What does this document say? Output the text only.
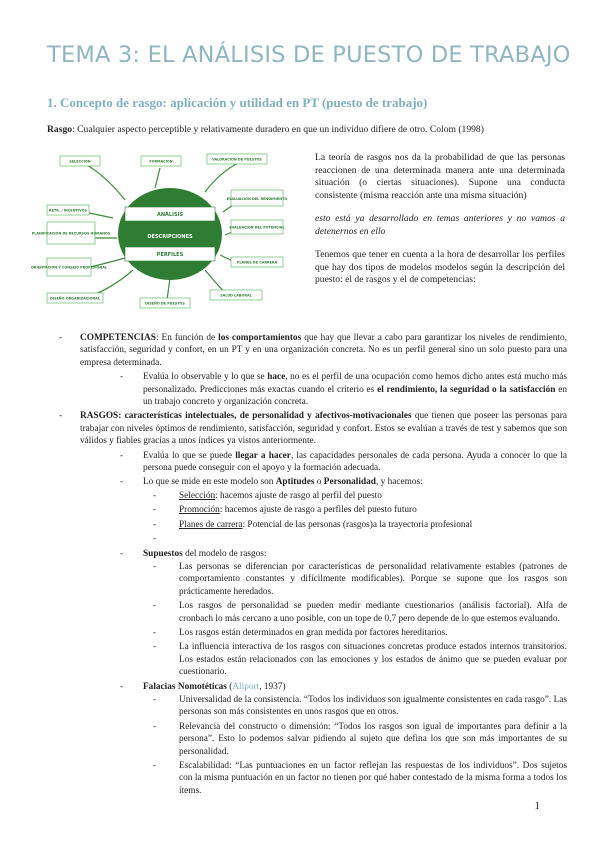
TEMA 3: EL ANÁLISIS DE PUESTO DE TRABAJO
1. Concepto de rasgo: aplicación y utilidad en PT (puesto de trabajo)
Rasgo: Cualquier aspecto perceptible y relativamente duradero en que un individuo difiere de otro. Colom (1998)
ANÁLISIS
DESCRIPCIONES
PERFILES
SELECCIÓN	FORMACIÓN	VALORACIÓN DE PUESTOS
RETR. / INCENTIVOS
EVALUACIÓN DEL RENDIMIENTO
PLANIFICACIÓN DE RECURSOS HUMANOS
EVALUACIÓN DEL POTENCIAL
ORIENTACIÓN Y CONSEJO PROFESIONAL
PLANES DE CARRERA
DISEÑO ORGANIZACIONAL
DISEÑO DE PUESTOS
SALUD LABORAL

La teoría de rasgos nos da la probabilidad de que las personas reaccionen de una determinada manera ante una determinada situación (o ciertas situaciones). Supone una conducta consistente (misma reacción ante una misma situación)

esto está ya desarrollado en temas anteriores y no vamos a detenernos en ello

Tenemos que tener en cuenta a la hora de desarrollar los perfiles que hay dos tipos de modelos modelos según la descripción del puesto: el de rasgos y el de competencias:

- COMPETENCIAS: En función de los comportamientos que hay que llevar a cabo para garantizar los niveles de rendimiento, satisfacción, seguridad y confort, en un PT y en una organización concreta. No es un perfil general sino un solo puesto para una empresa determinada.
- Evalúa lo observable y lo que se hace, no es el perfil de una ocupación como hemos dicho antes está mucho más personalizado. Predicciones más exactas cuando el criterio es el rendimiento, la seguridad o la satisfacción en un trabajo concreto y organización concreta.
- RASGOS: características intelectuales, de personalidad y afectivos-motivacionales que tienen que poseer las personas para trabajar con niveles óptimos de rendimiento, satisfacción, seguridad y confort. Estos se evalúan a través de test y sabemos que son válidos y fiables gracias a unos índices ya vistos anteriormente.
- Evalúa lo que se puede llegar a hacer, las capacidades personales de cada persona. Ayuda a conocer lo que la persona puede conseguir con el apoyo y la formación adecuada.
- Lo que se mide en este modelo son Aptitudes o Personalidad, y hacemos:
- Selección: hacemos ajuste de rasgo al perfil del puesto
- Promoción: hacemos ajuste de rasgo a perfiles del puesto futuro
- Planes de carrera: Potencial de las personas (rasgos)a la trayectoria profesional
-
- Supuestos del modelo de rasgos:
- Las personas se diferencian por características de personalidad relativamente estables (patrones de comportamiento constantes y difícilmente modificables). Porque se supone que los rasgos son prácticamente heredados.
- Los rasgos de personalidad se pueden medir mediante cuestionarios (análisis factorial). Alfa de cronbach lo más cercano a uno posible, con un tope de 0,7 pero depende de lo que estemos evaluando.
- Los rasgos están determinados en gran medida por factores hereditarios.
- La influencia interactiva de los rasgos con situaciones concretas produce estados internos transitorios. Los estados están relacionados con las emociones y los estados de ánimo que se pueden evaluar por cuestionario.
- Falacias Nomotéticas (Allport, 1937)
- Universalidad de la consistencia. “Todos los individuos son igualmente consistentes en cada rasgo”. Las personas son más consistentes en unos rasgos que en otros.
- Relevancia del constructo o dimensión: “Todos los rasgos son igual de importantes para definir a la persona”. Esto lo podemos salvar pidiendo al sujeto que defina los que son más importantes de su personalidad.
- Escalabilidad: “Las puntuaciones en un factor reflejan las respuestas de los individuos”. Dos sujetos con la misma puntuación en un factor no tienen por qué haber contestado de la misma forma a todos los ítems.
1
